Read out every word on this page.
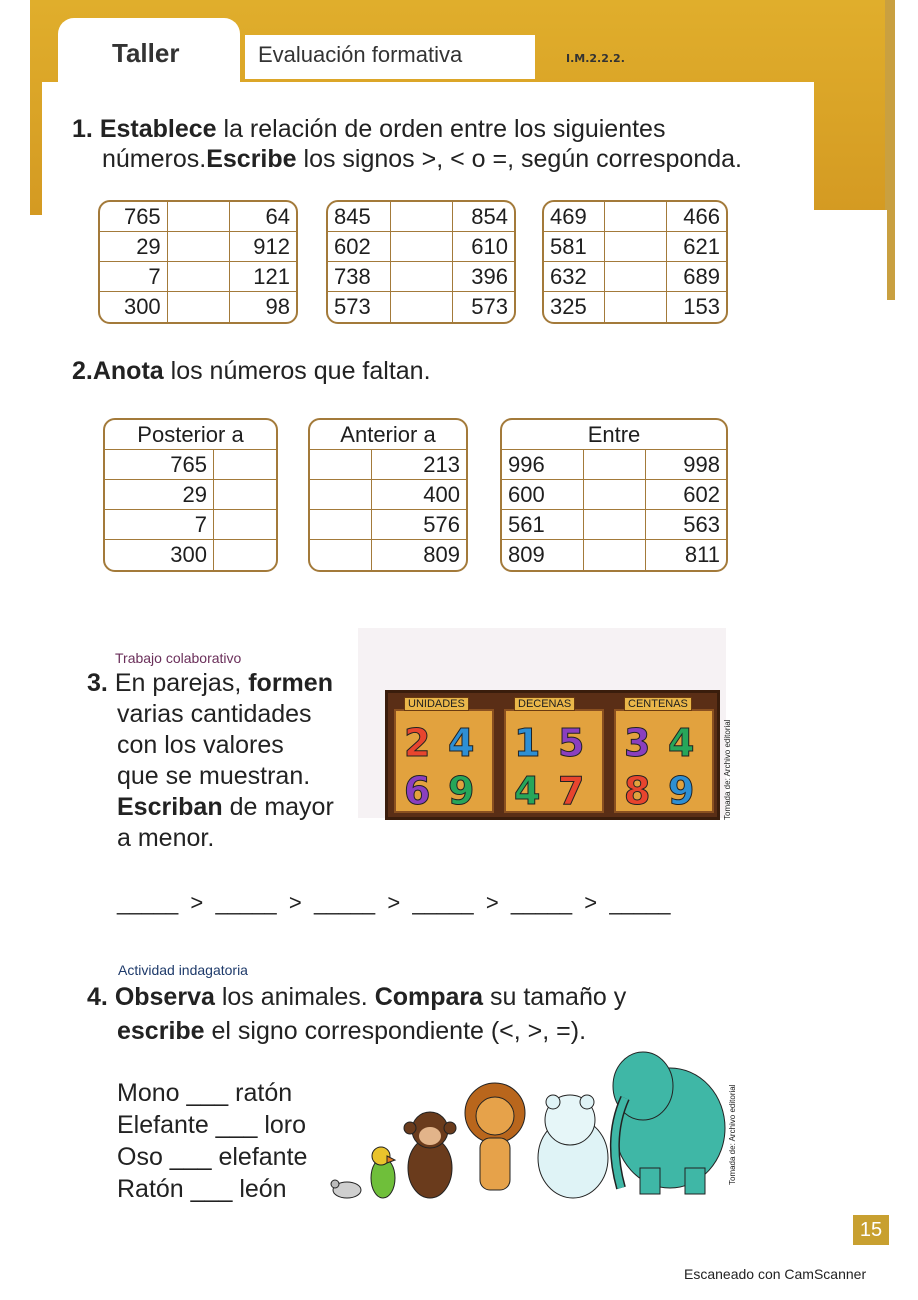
Taller	Evaluación formativa	I.M.2.2.2.
1. Establece la relación de orden entre los siguientes
números.Escribe los signos >, < o =, según corresponda.
765		64
29		912
7		121
300		98
845		854
602		610
738		396
573		573
469		466
581		621
632		689
325		153
2.Anota los números que faltan.
Posterior a	
765	
29	
7	
300	
Anterior a	
	213
	400
	576
	809
Entre		
996		998
600		602
561		563
809		811
Trabajo colaborativo
3. En parejas, formen
varias cantidades
con los valores
que se muestran.
Escriban de mayor
a menor.
UNIDADES
2 4
6 9
DECENAS
1 5
4 7
CENTENAS
3 4
8 9	Tomada de: Archivo editorial
_____  >  _____  >  _____  >  _____  >  _____  >  _____
Actividad indagatoria
4. Observa los animales. Compara su tamaño y
escribe el signo correspondiente (<, >, =).
Mono ___ ratón
Elefante ___ loro
Oso ___ elefante
Ratón ___ león
Tomada de: Archivo editorial
15
Escaneado con CamScanner
